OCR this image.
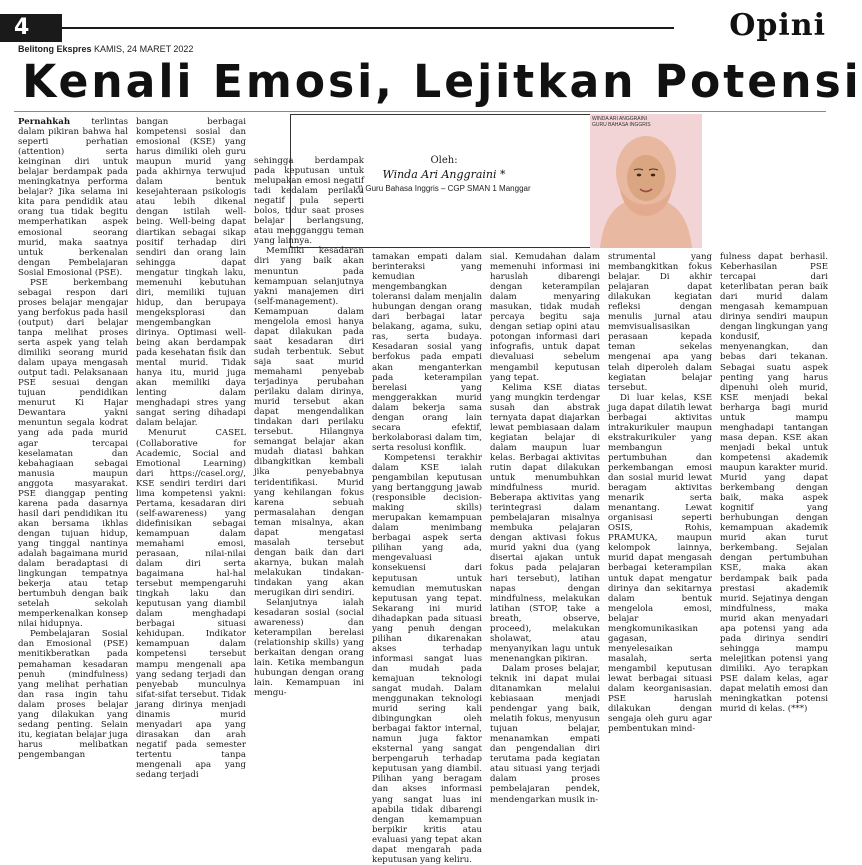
4	Opini
Belitong Ekspres KAMIS, 24 MARET 2022
Kenali Emosi, Lejitkan Potensi

Pernahkah terlintas dalam pikiran bahwa hal seperti perhatian (attention) serta keinginan diri untuk belajar berdampak pada meningkatnya performa belajar? Jika selama ini kita para pendidik atau orang tua tidak begitu memperhatikan aspek emosional seorang murid, maka saatnya untuk berkenalan dengan Pembelajaran Sosial Emosional (PSE).

PSE berkembang sebagai respon dari proses belajar mengajar yang berfokus pada hasil (output) dari belajar tanpa melihat proses serta aspek yang telah dimiliki seorang murid dalam upaya mengasah output tadi. Pelaksanaan PSE sesuai dengan tujuan pendidikan menurut Ki Hajar Dewantara yakni menuntun segala kodrat yang ada pada murid agar tercapai keselamatan dan kebahagiaan sebagai manusia maupun anggota masyarakat. PSE dianggap penting karena pada dasarnya hasil dari pendidikan itu akan bersama ikhlas dengan tujuan hidup, yang tinggal nantinya adalah bagaimana murid dalam beradaptasi di lingkungan tempatnya bekerja atau tetap bertumbuh dengan baik setelah sekolah memperkenalkan konsep nilai hidupnya.

Pembelajaran Sosial dan Emosional (PSE) menitikberatkan pada pemahaman kesadaran penuh (mindfulness) yang melihat perhatian dan rasa ingin tahu dalam proses belajar yang dilakukan yang sedang penting. Selain itu, kegiatan belajar juga harus melibatkan pengembangan

bangan berbagai kompetensi sosial dan emosional (KSE) yang harus dimiliki oleh guru maupun murid yang pada akhirnya terwujud dalam bentuk kesejahteraan psikologis atau lebih dikenal dengan istilah well-being. Well-being dapat diartikan sebagai sikap positif terhadap diri sendiri dan orang lain sehingga dapat mengatur tingkah laku, memenuhi kebutuhan diri, memiliki tujuan hidup, dan berupaya mengeksplorasi dan mengembangkan dirinya. Optimasi well-being akan berdampak pada kesehatan fisik dan mental murid. Tidak hanya itu, murid juga akan memiliki daya lenting dalam menghadapi stres yang sangat sering dihadapi dalam belajar.

Menurut CASEL (Collaborative for Academic, Social and Emotional Learning) dari https://casel.org/, KSE sendiri terdiri dari lima kompetensi yakni: Pertama, kesadaran diri (self-awareness) yang didefinisikan sebagai kemampuan dalam memahami emosi, perasaan, nilai-nilai dalam diri serta bagaimana hal-hal tersebut mempengaruhi tingkah laku dan keputusan yang diambil dalam menghadapi berbagai situasi kehidupan. Indikator kemampuan dalam kompetensi tersebut mampu mengenali apa yang sedang terjadi dan penyebab munculnya sifat-sifat tersebut. Tidak jarang dirinya menjadi dinamis murid menyadari apa yang dirasakan dan arah negatif pada semester tertentu tanpa mengenali apa yang sedang terjadi

Oleh:
Winda Ari Anggraini *
*) Guru Bahasa Inggris – CGP SMAN 1 Manggar
WINDA ARI ANGGRAINI
GURU BAHASA INGGRIS

sehingga berdampak pada keputusan untuk melupakan emosi negatif tadi kedalam perilaku negatif pula seperti bolos, tidur saat proses belajar berlangsung, atau mengganggu teman yang lainnya.

Memiliki kesadaran diri yang baik akan menuntun pada kemampuan selanjutnya yakni manajemen diri (self-management). Kemampuan dalam mengelola emosi hanya dapat dilakukan pada saat kesadaran diri sudah terbentuk. Sebut saja saat murid memahami penyebab terjadinya perubahan perilaku dalam dirinya, murid tersebut akan dapat mengendalikan tindakan dari perilaku tersebut. Hilangnya semangat belajar akan mudah diatasi bahkan dibangkitkan kembali jika penyebabnya teridentifikasi. Murid yang kehilangan fokus karena sebuah permasalahan dengan teman misalnya, akan dapat mengatasi masalah tersebut dengan baik dan dari akarnya, bukan malah melakukan tindakan-tindakan yang akan merugikan diri sendiri.

Selanjutnya ialah kesadaran sosial (social awareness) dan keterampilan berelasi (relationship skills) yang berkaitan dengan orang lain. Ketika membangun hubungan dengan orang lain. Kemampuan ini mengu-

tamakan empati dalam berinteraksi yang kemudian mengembangkan toleransi dalam menjalin hubungan dengan orang dari berbagai latar belakang, agama, suku, ras, serta budaya. Kesadaran sosial yang berfokus pada empati akan menganterkan pada keterampilan berelasi yang menggerakkan murid dalam bekerja sama dengan orang lain secara efektif, berkolaborasi dalam tim, serta resolusi konflik.

Kompetensi terakhir dalam KSE ialah pengambilan keputusan yang bertanggung jawab (responsible decision-making skills) merupakan kemampuan dalam menimbang berbagai aspek serta pilihan yang ada, mengevaluasi konsekuensi dari keputusan untuk kemudian memutuskan keputusan yang tepat. Sekarang ini murid dihadapkan pada situasi yang penuh dengan pilihan dikarenakan akses terhadap informasi sangat luas dan mudah pada kemajuan teknologi sangat mudah. Dalam menggunakan teknologi murid sering kali dibingungkan oleh berbagai faktor internal, namun juga faktor eksternal yang sangat berpengaruh terhadap keputusan yang diambil. Pilihan yang beragam dan akses informasi yang sangat luas ini apabila tidak dibarengi dengan kemampuan berpikir kritis atau evaluasi yang tepat akan dapat mengarah pada keputusan yang keliru.

sial. Kemudahan dalam memenuhi informasi ini haruslah dibarengi dengan keterampilan dalam menyaring masukan, tidak mudah percaya begitu saja dengan setiap opini atau potongan informasi dari infografis, untuk dapat dievaluasi sebelum mengambil keputusan yang tepat.

Kelima KSE diatas yang mungkin terdengar susah dan abstrak ternyata dapat diajarkan lewat pembiasaan dalam kegiatan belajar di dalam maupun luar kelas. Berbagai aktivitas rutin dapat dilakukan untuk menumbuhkan mindfulness murid. Beberapa aktivitas yang terintegrasi dalam pembelajaran misalnya membuka pelajaran dengan aktivasi fokus murid yakni dua (yang disertai ajakan untuk fokus pada pelajaran hari tersebut), latihan napas dengan mindfulness, melakukan latihan (STOP, take a breath, observe, proceed), melakukan sholawat, atau menyanyikan lagu untuk menenangkan pikiran.

Dalam proses belajar, teknik ini dapat mulai ditanamkan melalui kebiasaan menjadi pendengar yang baik, melatih fokus, menyusun tujuan belajar, menanamkan empati dan pengendalian diri terutama pada kegiatan atau situasi yang terjadi dalam proses pembelajaran pendek, mendengarkan musik in-

strumental yang membangkitkan fokus belajar. Di akhir pelajaran dapat dilakukan kegiatan refleksi dengan menulis jurnal atau memvisualisasikan perasaan kepada teman sekelas mengenai apa yang telah diperoleh dalam kegiatan belajar tersebut.

Di luar kelas, KSE juga dapat dilatih lewat berbagai aktivitas intrakurikuler maupun ekstrakurikuler yang membangun pertumbuhan dan perkembangan emosi dan sosial murid lewat beragam aktivitas menarik serta menantang. Lewat organisasi seperti OSIS, Rohis, PRAMUKA, maupun kelompok lainnya, murid dapat mengasah berbagai keterampilan untuk dapat mengatur dirinya dan sekitarnya dalam bentuk mengelola emosi, belajar mengkomunikasikan gagasan, menyelesaikan masalah, serta mengambil keputusan lewat berbagai situasi dalam keorganisasian. PSE haruslah dilakukan dengan sengaja oleh guru agar pembentukan mind-

fulness dapat berhasil. Keberhasilan PSE tercapai dari keterlibatan peran baik dari murid dalam mengasah kemampuan dirinya sendiri maupun dengan lingkungan yang kondusif, menyenangkan, dan bebas dari tekanan. Sebagai suatu aspek penting yang harus dipenuhi oleh murid, KSE menjadi bekal berharga bagi murid untuk mampu menghadapi tantangan masa depan. KSE akan menjadi bekal untuk kompetensi akademik maupun karakter murid. Murid yang dapat berkembang dengan baik, maka aspek kognitif yang berhubungan dengan kemampuan akademik murid akan turut berkembang. Sejalan dengan pertumbuhan KSE, maka akan berdampak baik pada prestasi akademik murid. Sejatinya dengan mindfulness, maka murid akan menyadari apa potensi yang ada pada dirinya sendiri sehingga mampu melejitkan potensi yang dimiliki. Ayo terapkan PSE dalam kelas, agar dapat melatih emosi dan meningkatkan potensi murid di kelas. (***)
